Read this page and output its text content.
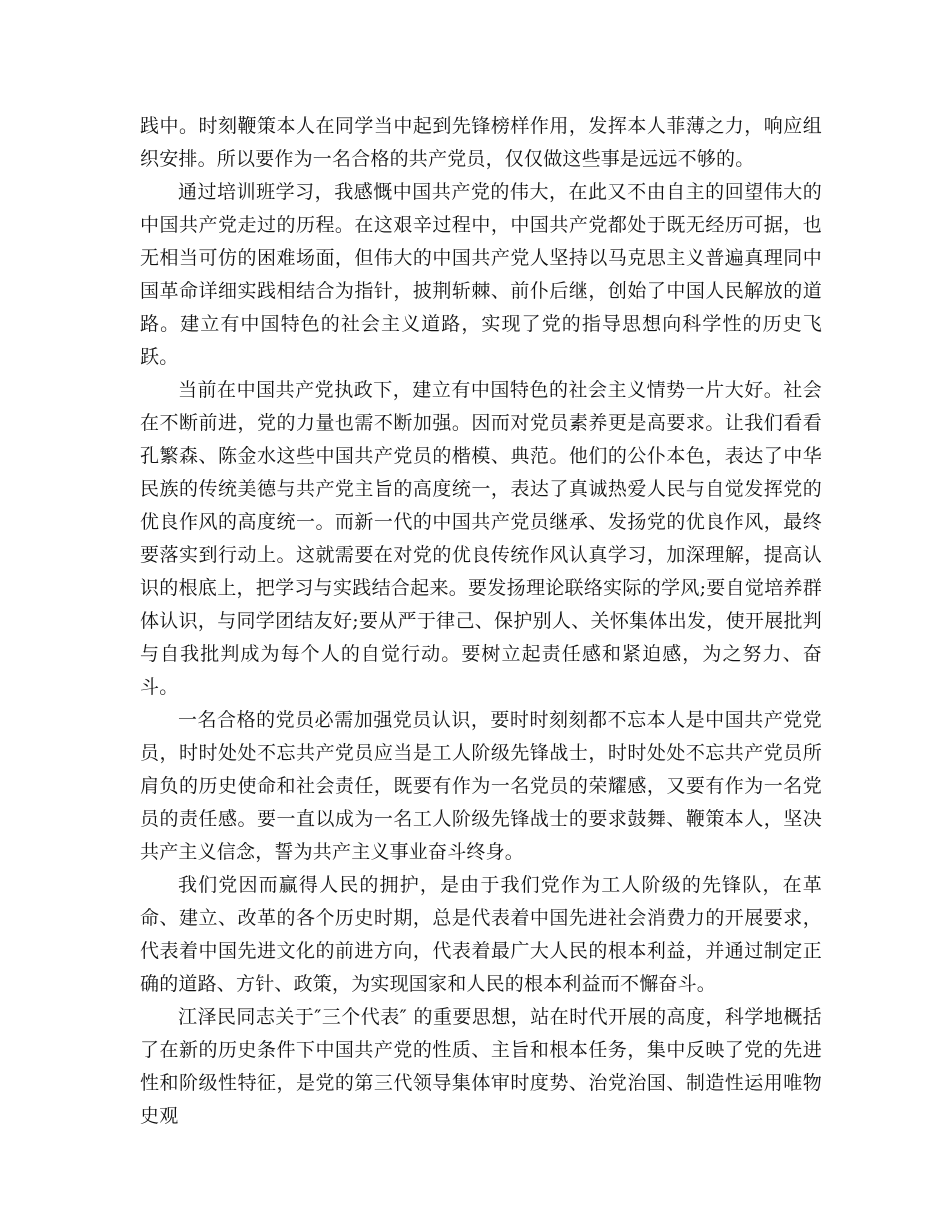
践中。时刻鞭策本人在同学当中起到先锋榜样作用，发挥本人菲薄之力，响应组织安排。所以要作为一名合格的共产党员，仅仅做这些事是远远不够的。

通过培训班学习，我感慨中国共产党的伟大，在此又不由自主的回望伟大的中国共产党走过的历程。在这艰辛过程中，中国共产党都处于既无经历可据，也无相当可仿的困难场面，但伟大的中国共产党人坚持以马克思主义普遍真理同中国革命详细实践相结合为指针，披荆斩棘、前仆后继，创始了中国人民解放的道路。建立有中国特色的社会主义道路，实现了党的指导思想向科学性的历史飞跃。

当前在中国共产党执政下，建立有中国特色的社会主义情势一片大好。社会在不断前进，党的力量也需不断加强。因而对党员素养更是高要求。让我们看看孔繁森、陈金水这些中国共产党员的楷模、典范。他们的公仆本色，表达了中华民族的传统美德与共产党主旨的高度统一，表达了真诚热爱人民与自觉发挥党的优良作风的高度统一。而新一代的中国共产党员继承、发扬党的优良作风，最终要落实到行动上。这就需要在对党的优良传统作风认真学习，加深理解，提高认识的根底上，把学习与实践结合起来。要发扬理论联络实际的学风;要自觉培养群体认识，与同学团结友好;要从严于律己、保护别人、关怀集体出发，使开展批判与自我批判成为每个人的自觉行动。要树立起责任感和紧迫感，为之努力、奋斗。

一名合格的党员必需加强党员认识，要时时刻刻都不忘本人是中国共产党党员，时时处处不忘共产党员应当是工人阶级先锋战士，时时处处不忘共产党员所肩负的历史使命和社会责任，既要有作为一名党员的荣耀感，又要有作为一名党员的责任感。要一直以成为一名工人阶级先锋战士的要求鼓舞、鞭策本人，坚决共产主义信念，誓为共产主义事业奋斗终身。

我们党因而赢得人民的拥护，是由于我们党作为工人阶级的先锋队，在革命、建立、改革的各个历史时期，总是代表着中国先进社会消费力的开展要求，代表着中国先进文化的前进方向，代表着最广大人民的根本利益，并通过制定正确的道路、方针、政策，为实现国家和人民的根本利益而不懈奋斗。

江泽民同志关于″三个代表″ 的重要思想，站在时代开展的高度，科学地概括了在新的历史条件下中国共产党的性质、主旨和根本任务，集中反映了党的先进性和阶级性特征，是党的第三代领导集体审时度势、治党治国、制造性运用唯物史观
